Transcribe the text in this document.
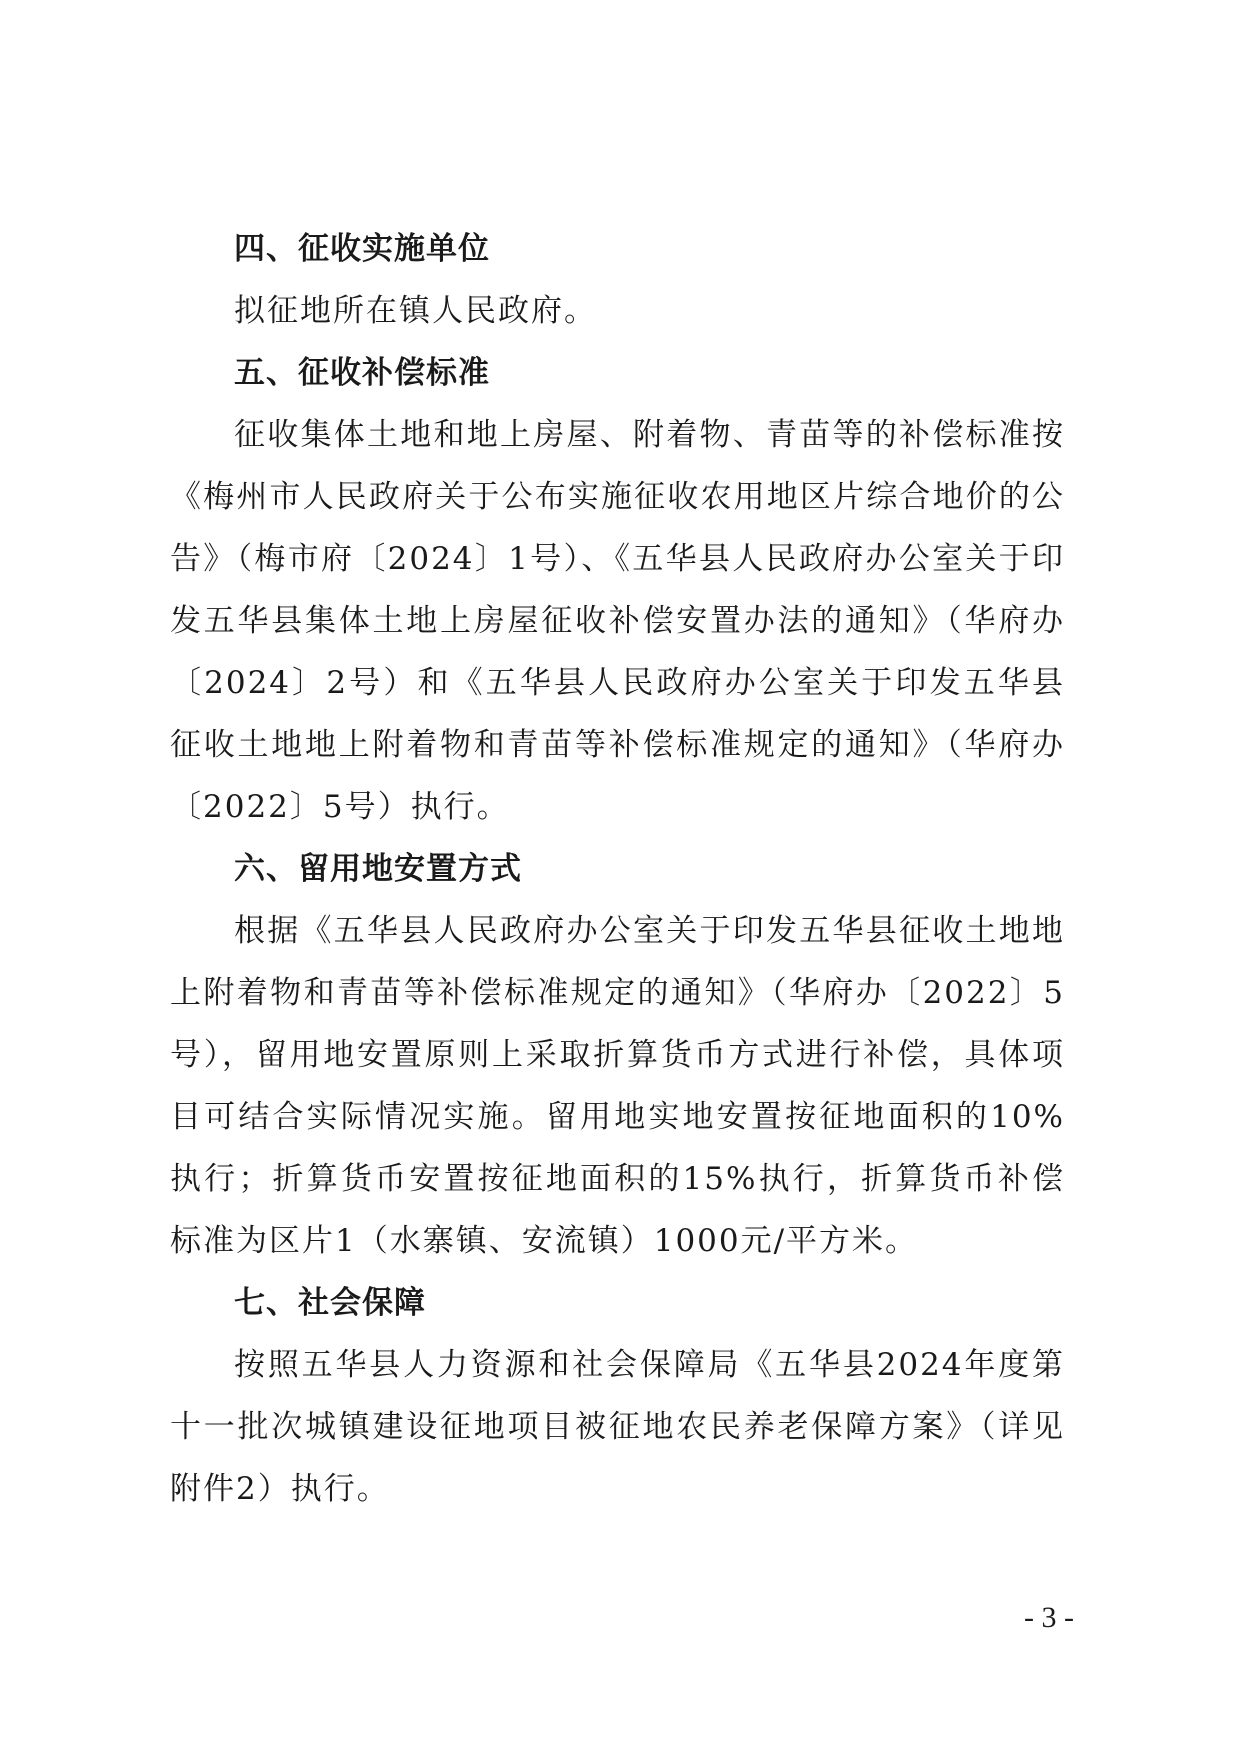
四、征收实施单位

拟征地所在镇人民政府。

五、征收补偿标准

征收集体土地和地上房屋、附着物、青苗等的补偿标准按《梅州市人民政府关于公布实施征收农用地区片综合地价的公告》（梅市府〔2024〕1号）、《五华县人民政府办公室关于印发五华县集体土地上房屋征收补偿安置办法的通知》（华府办〔2024〕2号）和《五华县人民政府办公室关于印发五华县征收土地地上附着物和青苗等补偿标准规定的通知》（华府办〔2022〕5号）执行。

六、留用地安置方式

根据《五华县人民政府办公室关于印发五华县征收土地地上附着物和青苗等补偿标准规定的通知》（华府办〔2022〕5号），留用地安置原则上采取折算货币方式进行补偿，具体项目可结合实际情况实施。留用地实地安置按征地面积的10%执行；折算货币安置按征地面积的15%执行，折算货币补偿标准为区片1（水寨镇、安流镇）1000元/平方米。

七、社会保障

按照五华县人力资源和社会保障局《五华县2024年度第十一批次城镇建设征地项目被征地农民养老保障方案》（详见附件2）执行。

- 3 -
